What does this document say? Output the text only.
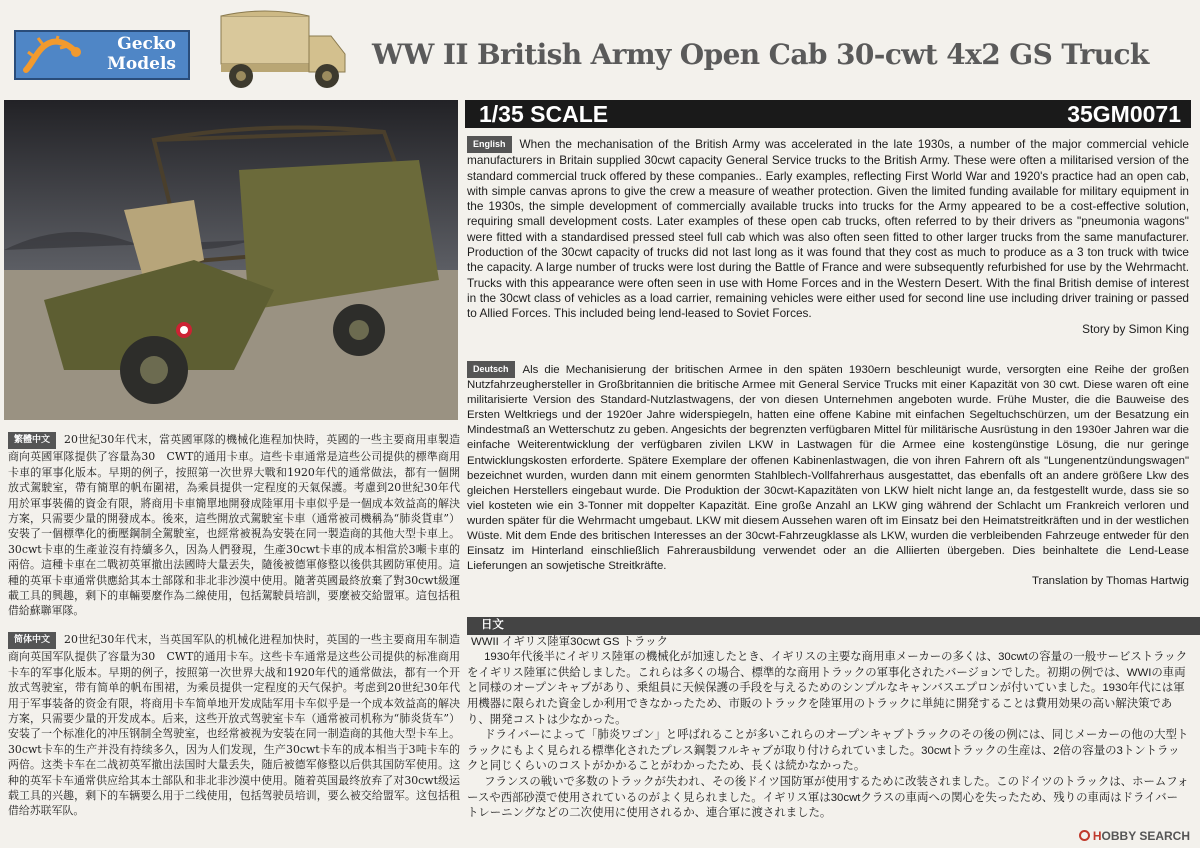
Gecko
Models	WW II British Army Open Cab 30-cwt 4x2 GS Truck
1/35 SCALE	35GM0071
English When the mechanisation of the British Army was accelerated in the late 1930s, a number of the major commercial vehicle manufacturers in Britain supplied 30cwt capacity General Service trucks to the British Army. These were often a militarised version of the standard commercial truck offered by these companies.. Early examples, reflecting First World War and 1920's practice had an open cab, with simple canvas aprons to give the crew a measure of weather protection. Given the limited funding available for military equipment in the 1930s, the simple development of commercially available trucks into trucks for the Army appeared to be a cost-effective solution, requiring small development costs. Later examples of these open cab trucks, often referred to by their drivers as "pneumonia wagons" were fitted with a standardised pressed steel full cab which was also often seen fitted to other larger trucks from the same manufacturer. Production of the 30cwt capacity of trucks did not last long as it was found that they cost as much to produce as a 3 ton truck with twice the capacity. A large number of trucks were lost during the Battle of France and were subsequently refurbished for use by the Wehrmacht. Trucks with this appearance were often seen in use with Home Forces and in the Western Desert. With the final British demise of interest in the 30cwt class of vehicles as a load carrier, remaining vehicles were either used for second line use including driver training or passed to Allied Forces. This included being lend-leased to Soviet Forces.
Story by Simon King
Deutsch Als die Mechanisierung der britischen Armee in den späten 1930ern beschleunigt wurde, versorgten eine Reihe der großen Nutzfahrzeughersteller in Großbritannien die britische Armee mit General Service Trucks mit einer Kapazität von 30 cwt. Diese waren oft eine militarisierte Version des Standard-Nutzlastwagens, der von diesen Unternehmen angeboten wurde. Frühe Muster, die die Bauweise des Ersten Weltkriegs und der 1920er Jahre widerspiegeln, hatten eine offene Kabine mit einfachen Segeltuchschürzen, um der Besatzung ein Mindestmaß an Wetterschutz zu geben. Angesichts der begrenzten verfügbaren Mittel für militärische Ausrüstung in den 1930er Jahren war die einfache Weiterentwicklung der verfügbaren zivilen LKW in Lastwagen für die Armee eine kostengünstige Lösung, die nur geringe Entwicklungskosten erforderte. Spätere Exemplare der offenen Kabinenlastwagen, die von ihren Fahrern oft als "Lungenentzündungswagen" bezeichnet wurden, wurden dann mit einem genormten Stahlblech-Vollfahrerhaus ausgestattet, das ebenfalls oft an andere größere Lkw des gleichen Herstellers eingebaut wurde. Die Produktion der 30cwt-Kapazitäten von LKW hielt nicht lange an, da festgestellt wurde, dass sie so viel kosteten wie ein 3-Tonner mit doppelter Kapazität. Eine große Anzahl an LKW ging während der Schlacht um Frankreich verloren und wurden später für die Wehrmacht umgebaut. LKW mit diesem Aussehen waren oft im Einsatz bei den Heimatstreitkräften und in der westlichen Wüste. Mit dem Ende des britischen Interesses an der 30cwt-Fahrzeugklasse als LKW, wurden die verbleibenden Fahrzeuge entweder für den Einsatz im Hinterland einschließlich Fahrerausbildung verwendet oder an die Alliierten übergeben. Dies beinhaltete die Lend-Lease Lieferungen an sowjetische Streitkräfte.
Translation by Thomas Hartwig
日文WWII イギリス陸軍30cwt GS トラック

1930年代後半にイギリス陸軍の機械化が加速したとき、イギリスの主要な商用車メーカーの多くは、30cwtの容量の一般サービストラックをイギリス陸軍に供給しました。これらは多くの場合、標準的な商用トラックの軍事化されたバージョンでした。初期の例では、WWIの車両と同様のオープンキャブがあり、乗組員に天候保護の手段を与えるためのシンプルなキャンバスエプロンが付いていました。1930年代には軍用機器に限られた資金しか利用できなかったため、市販のトラックを陸軍用のトラックに単純に開発することは費用効果の高い解決策であり、開発コストは少なかった。

ドライバーによって「肺炎ワゴン」と呼ばれることが多いこれらのオープンキャブトラックのその後の例には、同じメーカーの他の大型トラックにもよく見られる標準化されたプレス鋼製フルキャブが取り付けられていました。30cwtトラックの生産は、2倍の容量の3トントラックと同じくらいのコストがかかることがわかったため、長くは続かなかった。

フランスの戦いで多数のトラックが失われ、その後ドイツ国防軍が使用するために改装されました。このドイツのトラックは、ホームフォースや西部砂漠で使用されているのがよく見られました。イギリス軍は30cwtクラスの車両への関心を失ったため、残りの車両はドライバートレーニングなどの二次使用に使用されるか、連合軍に渡されました。

繁體中文 20世紀30年代末，當英國軍隊的機械化進程加快時，英國的一些主要商用車製造商向英國軍隊提供了容量為30　CWT的通用卡車。這些卡車通常是這些公司提供的標準商用卡車的軍事化版本。早期的例子，按照第一次世界大戰和1920年代的通常做法，都有一個開放式駕駛室，帶有簡單的帆布圍裙，為乘員提供一定程度的天氣保護。考慮到20世紀30年代用於軍事裝備的資金有限，將商用卡車簡單地開發成陸軍用卡車似乎是一個成本效益高的解決方案，只需要少量的開發成本。後來，這些開放式駕駛室卡車（通常被司機稱為“肺炎貨車”）安裝了一個標準化的衝壓鋼制全駕駛室，也經常被視為安裝在同一製造商的其他大型卡車上。30cwt卡車的生產並沒有持續多久，因為人們發現，生產30cwt卡車的成本相當於3噸卡車的兩倍。這種卡車在二戰初英軍撤出法國時大量丟失，隨後被德軍修整以後供其國防軍使用。這種的英軍卡車通常供應給其本土部隊和非北非沙漠中使用。隨著英國最終放棄了對30cwt級運載工具的興趣，剩下的車輛要麼作為二線使用，包括駕駛員培訓，要麼被交給盟軍。這包括租借給蘇聯軍隊。
简体中文 20世纪30年代末，当英国军队的机械化进程加快时，英国的一些主要商用车制造商向英国军队提供了容量为30　CWT的通用卡车。这些卡车通常是这些公司提供的标准商用卡车的军事化版本。早期的例子，按照第一次世界大战和1920年代的通常做法，都有一个开放式驾驶室，带有简单的帆布围裙，为乘员提供一定程度的天气保护。考虑到20世纪30年代用于军事装备的资金有限，将商用卡车简单地开发成陆军用卡车似乎是一个成本效益高的解决方案，只需要少量的开发成本。后来，这些开放式驾驶室卡车（通常被司机称为“肺炎货车”）安装了一个标准化的冲压钢制全驾驶室，也经常被视为安装在同一制造商的其他大型卡车上。30cwt卡车的生产并没有持续多久，因为人们发现，生产30cwt卡车的成本相当于3吨卡车的两倍。这类卡车在二战初英军撤出法国时大量丢失，随后被德军修整以后供其国防军使用。这种的英军卡车通常供应给其本土部队和非北非沙漠中使用。随着英国最终放弃了对30cwt级运载工具的兴趣，剩下的车辆要么用于二线使用，包括驾驶员培训，要么被交给盟军。这包括租借给苏联军队。
HOBBY SEARCH
